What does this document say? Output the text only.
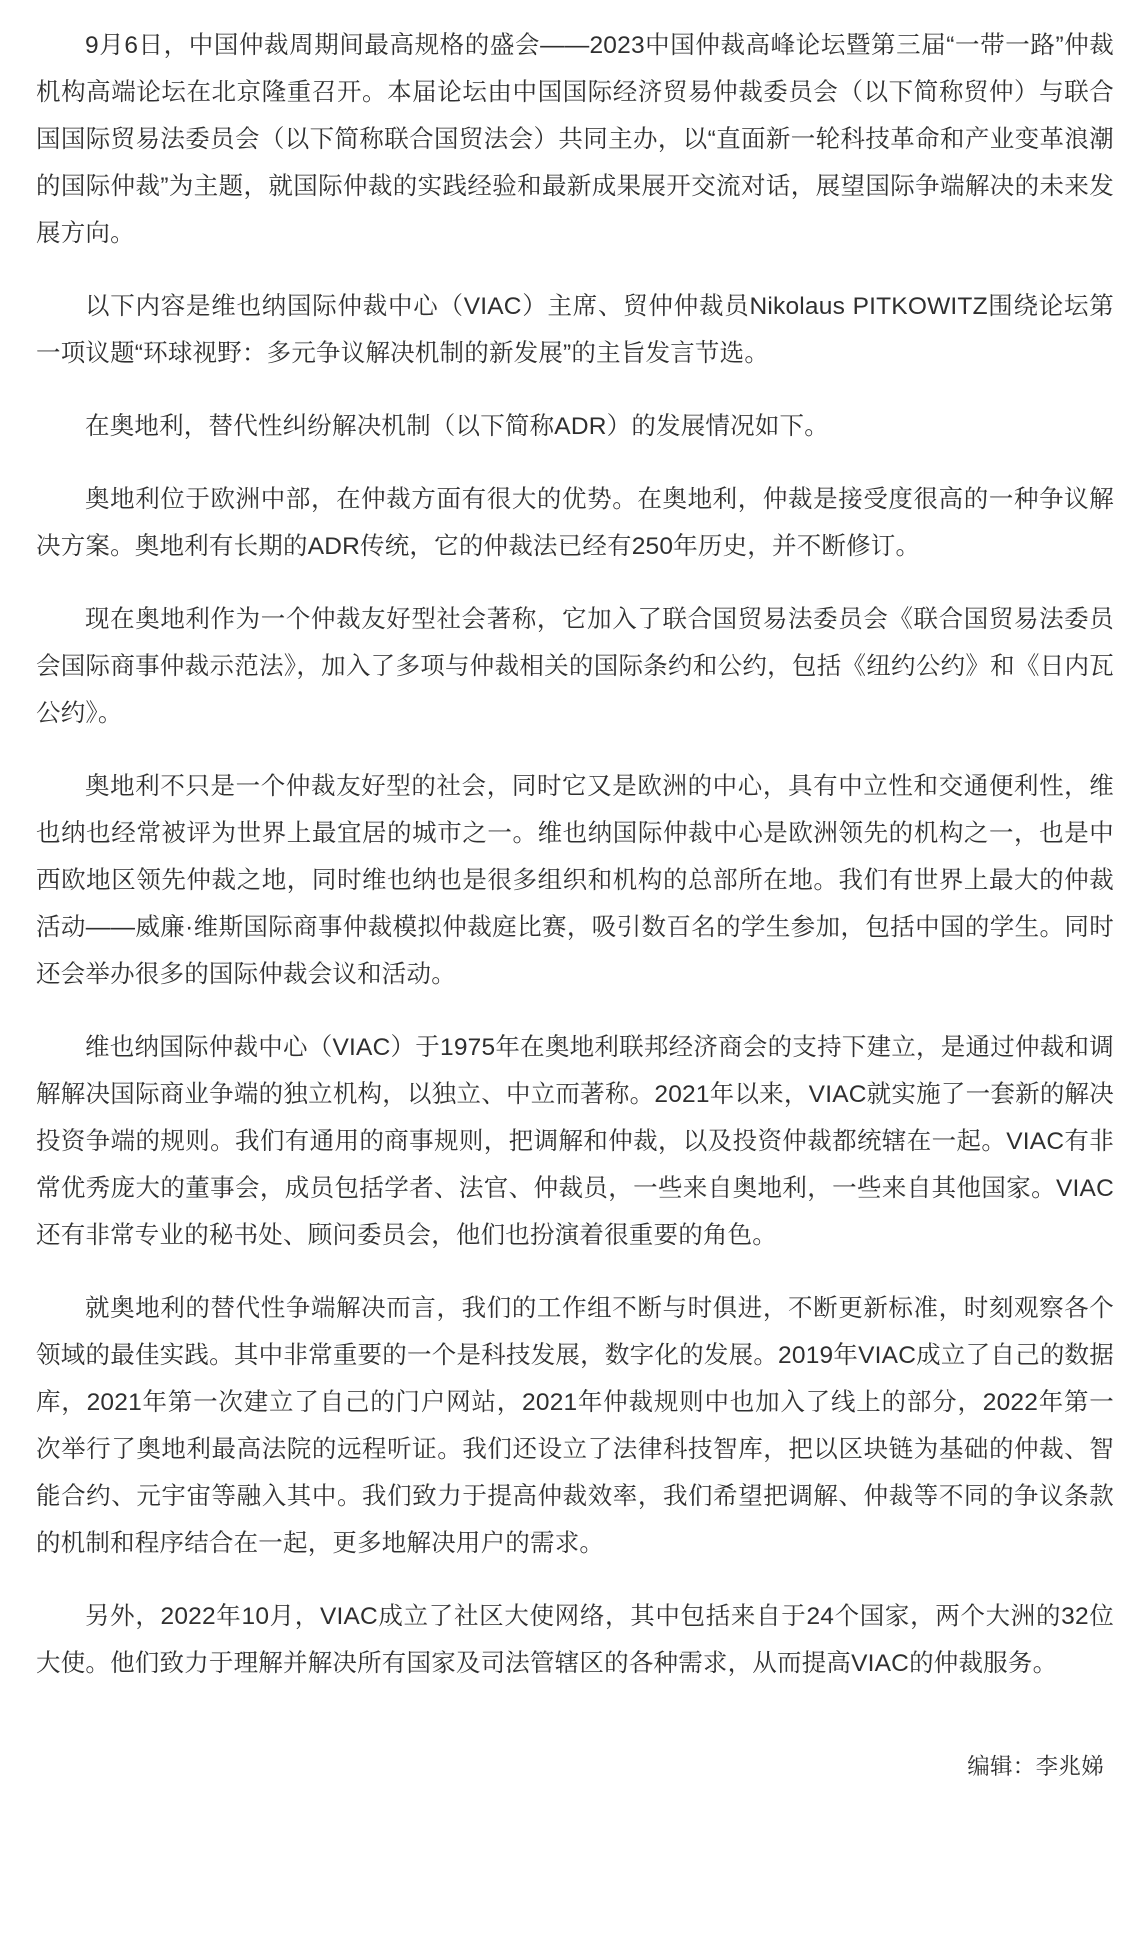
9月6日，中国仲裁周期间最高规格的盛会——2023中国仲裁高峰论坛暨第三届“一带一路”仲裁机构高端论坛在北京隆重召开。本届论坛由中国国际经济贸易仲裁委员会（以下简称贸仲）与联合国国际贸易法委员会（以下简称联合国贸法会）共同主办，以“直面新一轮科技革命和产业变革浪潮的国际仲裁”为主题，就国际仲裁的实践经验和最新成果展开交流对话，展望国际争端解决的未来发展方向。

以下内容是维也纳国际仲裁中心（VIAC）主席、贸仲仲裁员Nikolaus PITKOWITZ围绕论坛第一项议题“环球视野：多元争议解决机制的新发展”的主旨发言节选。

在奥地利，替代性纠纷解决机制（以下简称ADR）的发展情况如下。

奥地利位于欧洲中部，在仲裁方面有很大的优势。在奥地利，仲裁是接受度很高的一种争议解决方案。奥地利有长期的ADR传统，它的仲裁法已经有250年历史，并不断修订。

现在奥地利作为一个仲裁友好型社会著称，它加入了联合国贸易法委员会《联合国贸易法委员会国际商事仲裁示范法》，加入了多项与仲裁相关的国际条约和公约，包括《纽约公约》和《日内瓦公约》。

奥地利不只是一个仲裁友好型的社会，同时它又是欧洲的中心，具有中立性和交通便利性，维也纳也经常被评为世界上最宜居的城市之一。维也纳国际仲裁中心是欧洲领先的机构之一，也是中西欧地区领先仲裁之地，同时维也纳也是很多组织和机构的总部所在地。我们有世界上最大的仲裁活动——威廉·维斯国际商事仲裁模拟仲裁庭比赛，吸引数百名的学生参加，包括中国的学生。同时还会举办很多的国际仲裁会议和活动。

维也纳国际仲裁中心（VIAC）于1975年在奥地利联邦经济商会的支持下建立，是通过仲裁和调解解决国际商业争端的独立机构，以独立、中立而著称。2021年以来，VIAC就实施了一套新的解决投资争端的规则。我们有通用的商事规则，把调解和仲裁，以及投资仲裁都统辖在一起。VIAC有非常优秀庞大的董事会，成员包括学者、法官、仲裁员，一些来自奥地利，一些来自其他国家。VIAC还有非常专业的秘书处、顾问委员会，他们也扮演着很重要的角色。

就奥地利的替代性争端解决而言，我们的工作组不断与时俱进，不断更新标准，时刻观察各个领域的最佳实践。其中非常重要的一个是科技发展，数字化的发展。2019年VIAC成立了自己的数据库，2021年第一次建立了自己的门户网站，2021年仲裁规则中也加入了线上的部分，2022年第一次举行了奥地利最高法院的远程听证。我们还设立了法律科技智库，把以区块链为基础的仲裁、智能合约、元宇宙等融入其中。我们致力于提高仲裁效率，我们希望把调解、仲裁等不同的争议条款的机制和程序结合在一起，更多地解决用户的需求。

另外，2022年10月，VIAC成立了社区大使网络，其中包括来自于24个国家，两个大洲的32位大使。他们致力于理解并解决所有国家及司法管辖区的各种需求，从而提高VIAC的仲裁服务。

编辑：李兆娣
